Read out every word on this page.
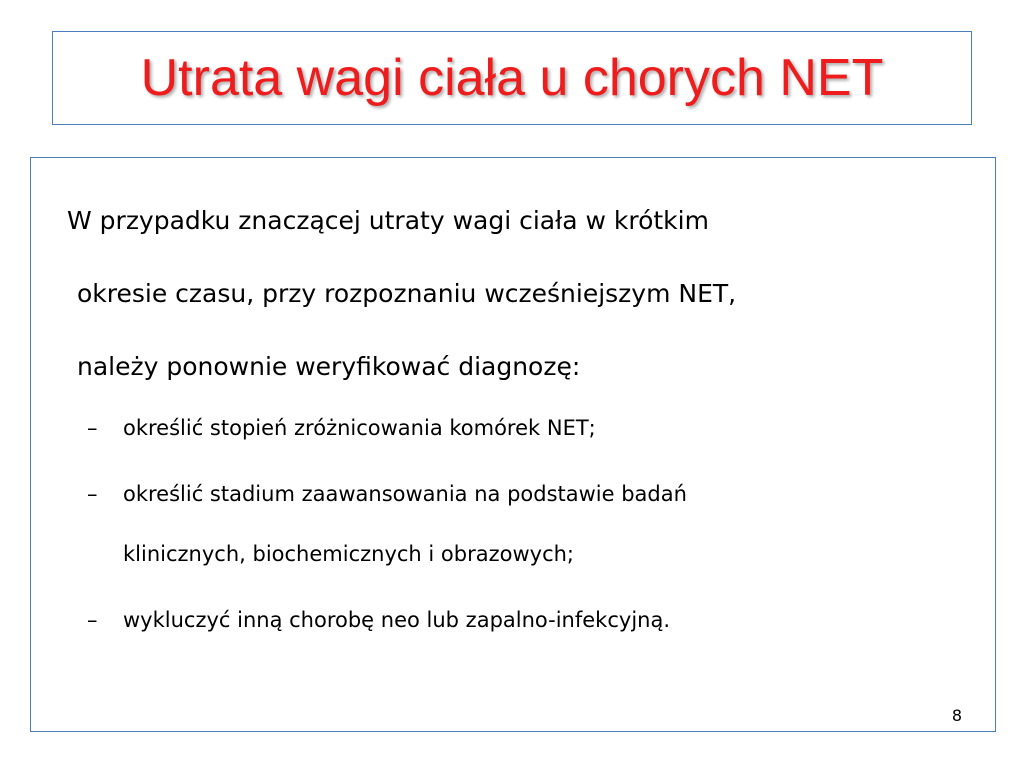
Utrata wagi ciała u chorych NET
W przypadku znaczącej utraty wagi ciała w krótkim
okresie czasu, przy rozpoznaniu wcześniejszym NET,
należy ponownie weryfikować diagnozę:
– określić stopień zróżnicowania komórek NET;
– określić stadium zaawansowania na podstawie badań
klinicznych, biochemicznych i obrazowych;
– wykluczyć inną chorobę neo lub zapalno-infekcyjną.
8
